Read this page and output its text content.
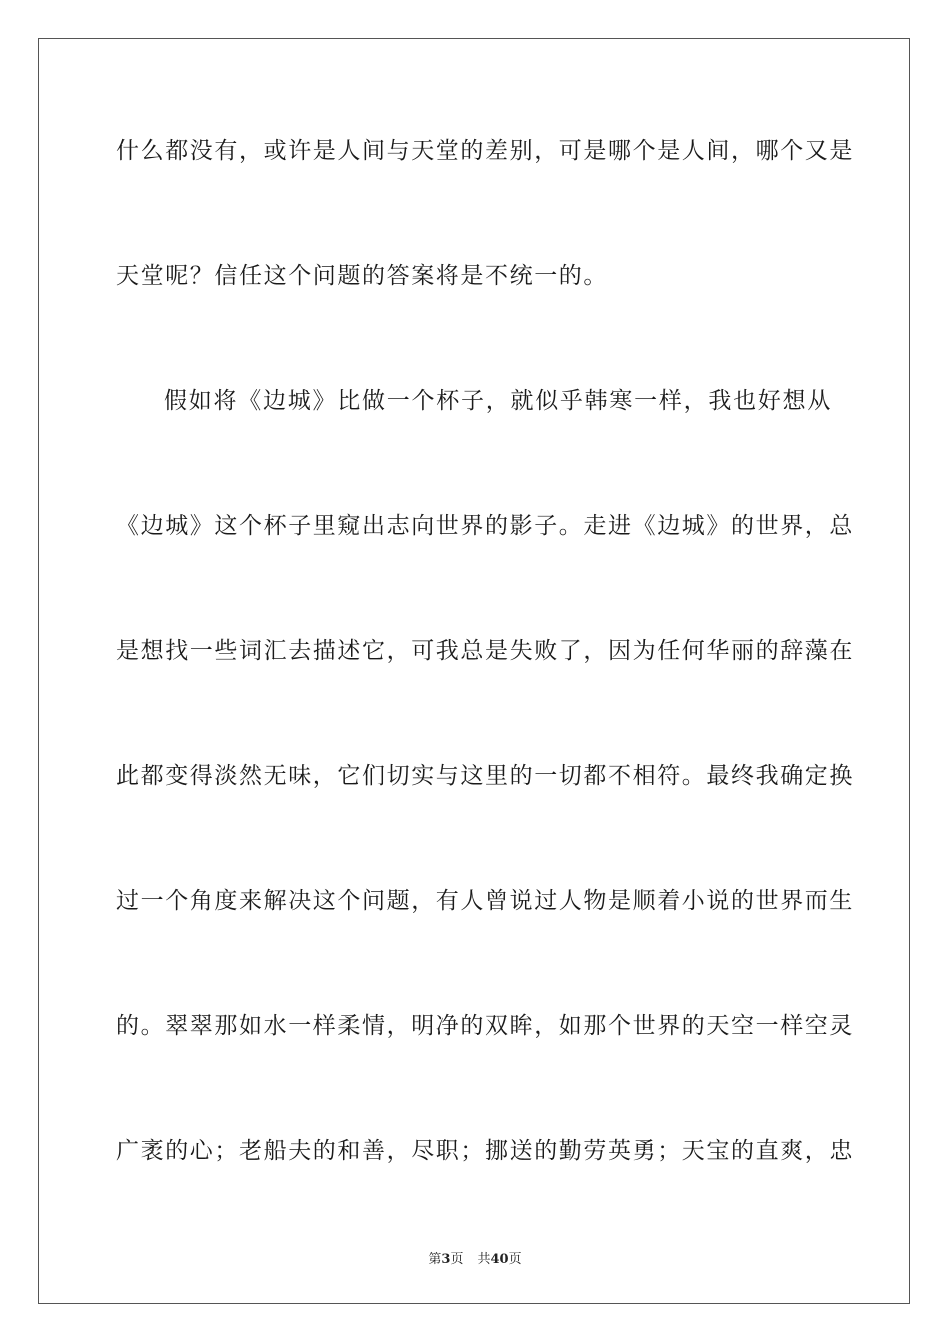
什么都没有，或许是人间与天堂的差别，可是哪个是人间，哪个又是
天堂呢？信任这个问题的答案将是不统一的。
假如将《边城》比做一个杯子，就似乎韩寒一样，我也好想从
《边城》这个杯子里窥出志向世界的影子。走进《边城》的世界，总
是想找一些词汇去描述它，可我总是失败了，因为任何华丽的辞藻在
此都变得淡然无味，它们切实与这里的一切都不相符。最终我确定换
过一个角度来解决这个问题，有人曾说过人物是顺着小说的世界而生
的。翠翠那如水一样柔情，明净的双眸，如那个世界的天空一样空灵
广袤的心；老船夫的和善，尽职；挪送的勤劳英勇；天宝的直爽，忠
第3页 共40页
